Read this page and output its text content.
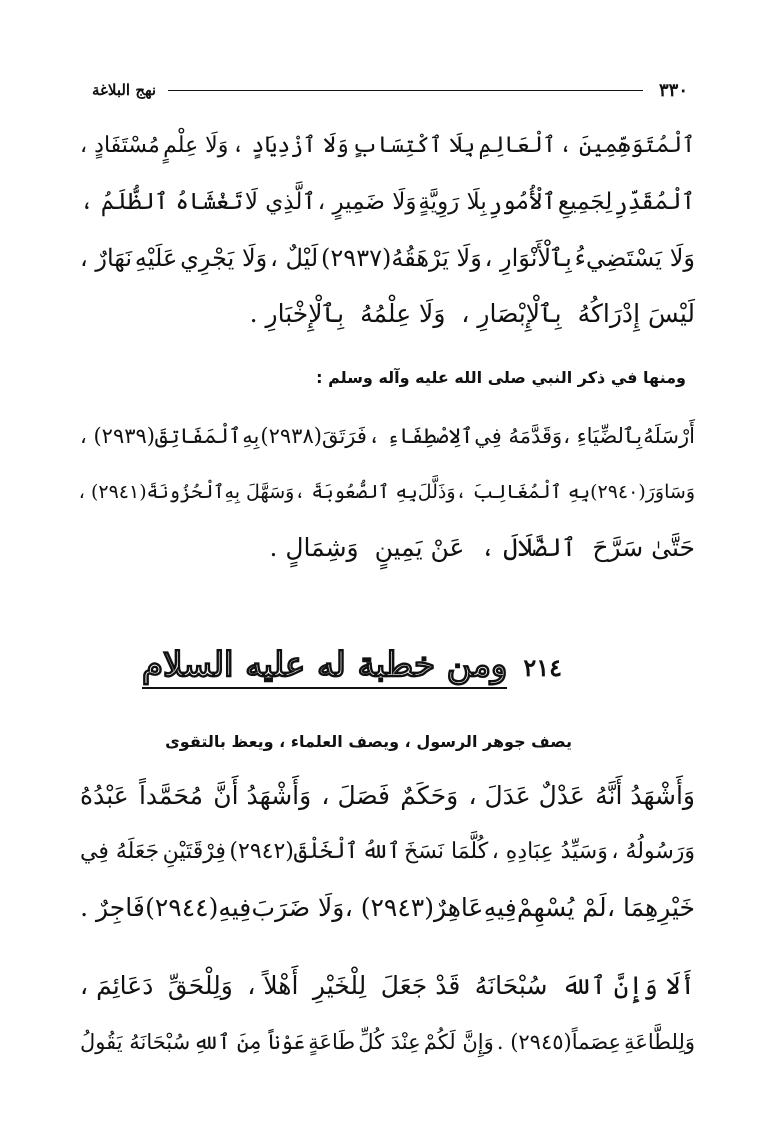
٣٣٠
نهج البلاغة
ٱلْمُتَوَهِّمِينَ ،
ٱلْعَالِمِ
بِلَا ٱكْتِسَابٍ
وَلَا ٱزْدِيَادٍ ،
وَلَا عِلْمٍ
مُسْتَفَادٍ ،
ٱلْمُقَدِّرِ
لِجَمِيعِ
ٱلْأُمُورِ
بِلَا رَوِيَّةٍ
وَلَا ضَمِيرٍ ،
ٱلَّذِي لَا
تَغْشَاهُ ٱلظُّلَمُ ،
وَلَا يَسْتَضِيءُ
بِٱلْأَنْوَارِ ،
وَلَا يَرْهَقُهُ(٢٩٣٧)
لَيْلٌ ،
وَلَا يَجْرِي
عَلَيْهِ
نَهَارٌ ،
لَيْسَ إِدْرَاكُهُ
بِٱلْإِبْصَارِ ،
وَلَا عِلْمُهُ
بِٱلْإِخْبَارِ .
ومنها في ذكر النبي صلى الله عليه وآله وسلم :
أَرْسَلَهُ
بِٱلضِّيَاءِ ،
وَقَدَّمَهُ فِي
ٱلِاصْطِفَاءِ ،
فَرَتَقَ(٢٩٣٨)
بِهِ
ٱلْمَفَاتِقَ(٢٩٣٩) ،
وَسَاوَرَ(٢٩٤٠)
بِهِ ٱلْمُغَالِبَ ،
وَذَلَّلَ
بِهِ ٱلصُّعُوبَةَ ،
وَسَهَّلَ بِهِ
ٱلْحُزُونَةَ(٢٩٤١) ،
حَتَّىٰ سَرَّحَ
ٱلضَّلَالَ ،
عَنْ يَمِينٍ
وَشِمَالٍ .
٢١٤
ومن خطبة له عليه السلام
يصف جوهر الرسول ، ويصف العلماء ، ويعظ بالتقوى
وَأَشْهَدُ أَنَّهُ
عَدْلٌ عَدَلَ ،
وَحَكَمٌ
فَصَلَ ،
وَأَشْهَدُ أَنَّ
مُحَمَّداً
عَبْدُهُ
وَرَسُولُهُ ،
وَسَيِّدُ عِبَادِهِ ،
كُلَّمَا نَسَخَ
ٱللهُ
ٱلْخَلْقَ(٢٩٤٢)
فِرْقَتَيْنِ
جَعَلَهُ فِي
خَيْرِهِمَا ،
لَمْ يُسْهِمْ
فِيهِ
عَاهِرٌ(٢٩٤٣) ،
وَلَا ضَرَبَ
فِيهِ(٢٩٤٤)
فَاجِرٌ .
أَلَا وَإِنَّ ٱللهَ
سُبْحَانَهُ
قَدْ جَعَلَ
لِلْخَيْرِ
أَهْلاً ،
وَلِلْحَقِّ
دَعَائِمَ ،
وَلِلطَّاعَةِ
عِصَماً(٢٩٤٥) .
وَإِنَّ لَكُمْ
عِنْدَ كُلِّ
طَاعَةٍ
عَوْناً مِنَ ٱللهِ
سُبْحَانَهُ يَقُولُ
